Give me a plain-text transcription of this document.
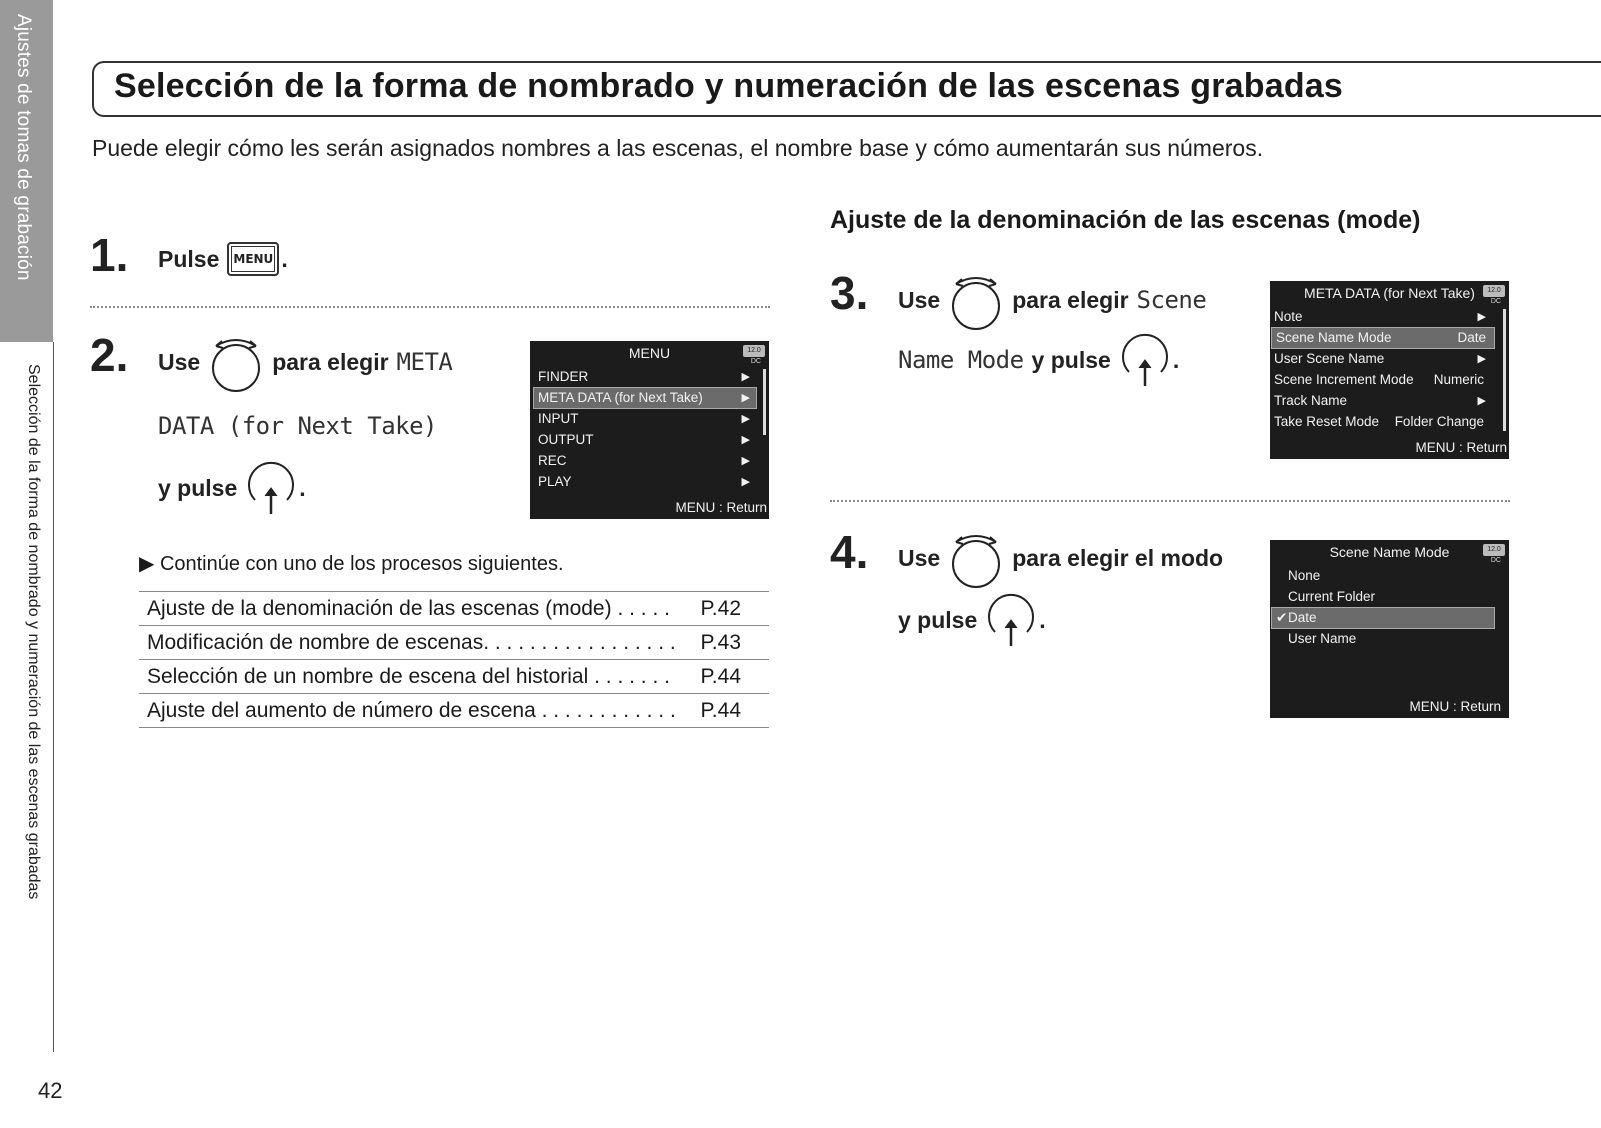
Ajustes de tomas de grabación
Selección de la forma de nombrado y numeración de las escenas grabadas
42
Selección de la forma de nombrado y numeración de las escenas grabadas
Puede elegir cómo les serán asignados nombres a las escenas, el nombre base y cómo aumentarán sus números.
1. Pulse	MENU .
2. Use	para elegir META
DATA (for Next Take)
y pulse	.
MENU	12.0
DC
FINDER	▶
META DATA (for Next Take)	▶
INPUT	▶
OUTPUT	▶
REC	▶
PLAY	▶
MENU : Return
▶ Continúe con uno de los procesos siguientes.
Ajuste de la denominación de las escenas (mode) . . . . . P.42
Modificación de nombre de escenas. . . . . . . . . . . . . . . . . P.43
Selección de un nombre de escena del historial . . . . . . . P.44
Ajuste del aumento de número de escena . . . . . . . . . . . . P.44
Ajuste de la denominación de las escenas (mode)
3. Use	para elegir Scene
Name Mode y pulse	.
META DATA (for Next Take)	12.0
DC
Note	▶
Scene Name Mode	Date
User Scene Name	▶
Scene Increment Mode Numeric
Track Name	▶
Take Reset Mode Folder Change
MENU : Return
4. Use	para elegir el modo
y pulse	.
Scene Name Mode	12.0
DC
None
Current Folder
✔Date
User Name
MENU : Return
